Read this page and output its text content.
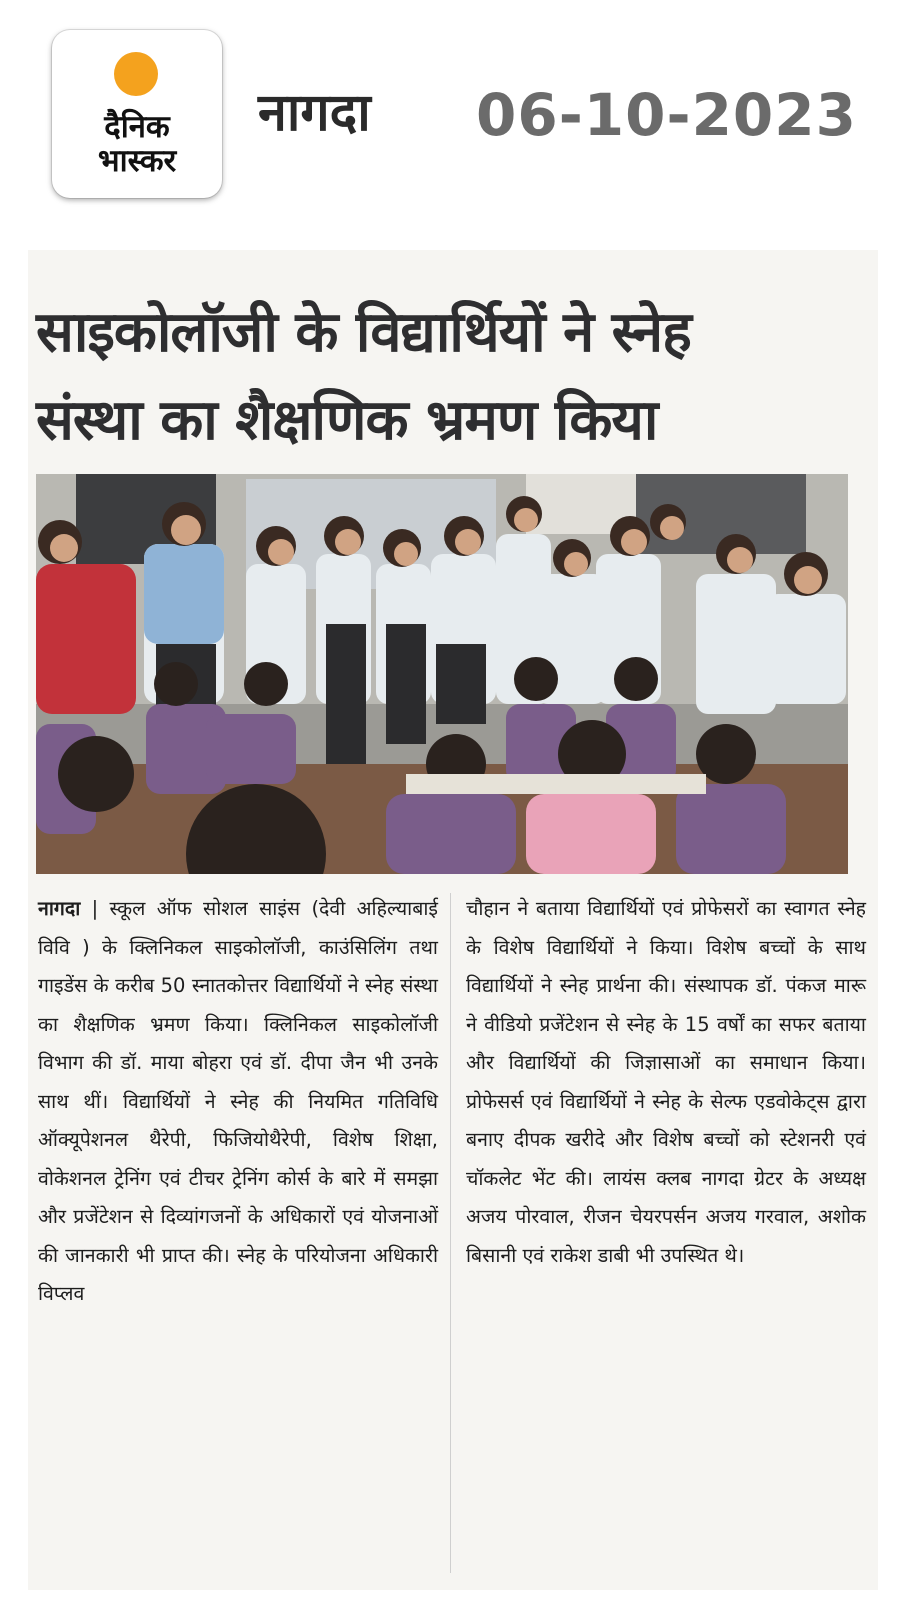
दैनिक
भास्कर
नागदा 06-10-2023
साइकोलॉजी के विद्यार्थियों ने स्नेह
संस्था का शैक्षणिक भ्रमण किया
नागदा | स्कूल ऑफ सोशल साइंस (देवी अहिल्याबाई विवि ) के क्लिनिकल साइकोलॉजी, काउंसिलिंग तथा गाइडेंस के करीब 50 स्नातकोत्तर विद्यार्थियों ने स्नेह संस्था का शैक्षणिक भ्रमण किया। क्लिनिकल साइकोलॉजी विभाग की डॉ. माया बोहरा एवं डॉ. दीपा जैन भी उनके साथ थीं। विद्यार्थियों ने स्नेह की नियमित गतिविधि ऑक्यूपेशनल थैरेपी, फिजियोथैरेपी, विशेष शिक्षा, वोकेशनल ट्रेनिंग एवं टीचर ट्रेनिंग कोर्स के बारे में समझा और प्रजेंटेशन से दिव्यांगजनों के अधिकारों एवं योजनाओं की जानकारी भी प्राप्त की। स्नेह के परियोजना अधिकारी विप्लव
चौहान ने बताया विद्यार्थियों एवं प्रोफेसरों का स्वागत स्नेह के विशेष विद्यार्थियों ने किया। विशेष बच्चों के साथ विद्यार्थियों ने स्नेह प्रार्थना की। संस्थापक डॉ. पंकज मारू ने वीडियो प्रजेंटेशन से स्नेह के 15 वर्षों का सफर बताया और विद्यार्थियों की जिज्ञासाओं का समाधान किया। प्रोफेसर्स एवं विद्यार्थियों ने स्नेह के सेल्फ एडवोकेट्स द्वारा बनाए दीपक खरीदे और विशेष बच्चों को स्टेशनरी एवं चॉकलेट भेंट की। लायंस क्लब नागदा ग्रेटर के अध्यक्ष अजय पोरवाल, रीजन चेयरपर्सन अजय गरवाल, अशोक बिसानी एवं राकेश डाबी भी उपस्थित थे।
